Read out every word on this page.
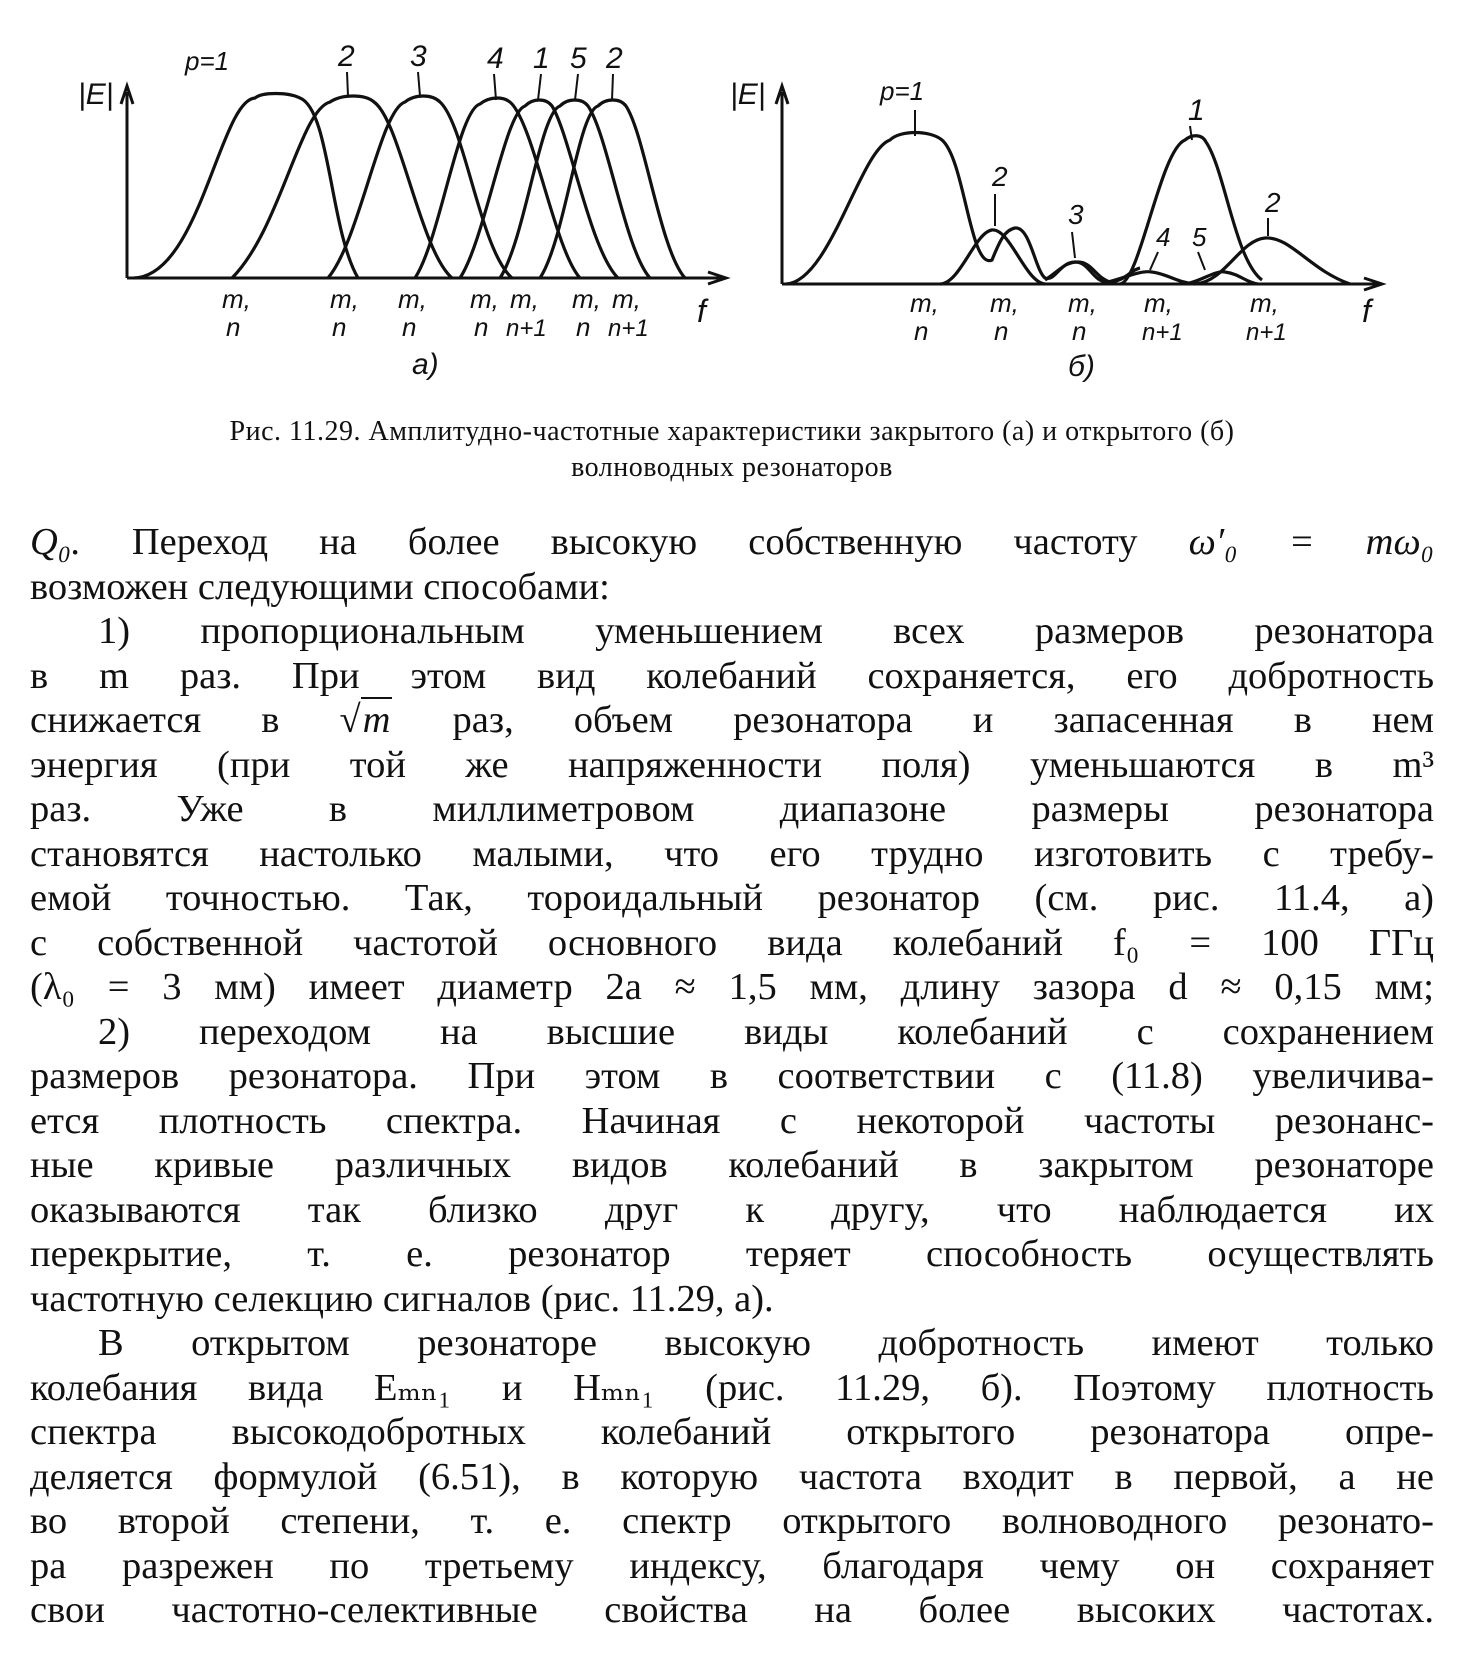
|E|
f
p=1	2 3 4 1 5 2
m,
n
m,
n
m,
n
m,
n
m,
n+1
m,
n
m,
n+1
а)
|E|
f
p=1
2
3
1
4 5
2
m,
n
m,
n
m,
n
m,
n+1
m,
n+1
б)
Рис. 11.29. Амплитудно-частотные характеристики закрытого (а) и открытого (б)
волноводных резонаторов

Q₀. Переход на более высокую собственную частоту ω′₀ = mω₀

возможен следующими способами:

1) пропорциональным уменьшением всех размеров резонатора

в m раз. При этом вид колебаний сохраняется, его добротность

снижается в √m раз, объем резонатора и запасенная в нем

энергия (при той же напряженности поля) уменьшаются в m³

раз. Уже в миллиметровом диапазоне размеры резонатора

становятся настолько малыми, что его трудно изготовить с требу-

емой точностью. Так, тороидальный резонатор (см. рис. 11.4, а)

с собственной частотой основного вида колебаний f₀ = 100 ГГц

(λ₀ = 3 мм) имеет диаметр 2a ≈ 1,5 мм, длину зазора d ≈ 0,15 мм;

2) переходом на высшие виды колебаний с сохранением

размеров резонатора. При этом в соответствии с (11.8) увеличива-

ется плотность спектра. Начиная с некоторой частоты резонанс-

ные кривые различных видов колебаний в закрытом резонаторе

оказываются так близко друг к другу, что наблюдается их

перекрытие, т. е. резонатор теряет способность осуществлять

частотную селекцию сигналов (рис. 11.29, а).

В открытом резонаторе высокую добротность имеют только

колебания вида Eₘₙ₁ и Hₘₙ₁ (рис. 11.29, б). Поэтому плотность

спектра высокодобротных колебаний открытого резонатора опре-

деляется формулой (6.51), в которую частота входит в первой, а не

во второй степени, т. е. спектр открытого волноводного резонато-

ра разрежен по третьему индексу, благодаря чему он сохраняет

свои частотно-селективные свойства на более высоких частотах.
